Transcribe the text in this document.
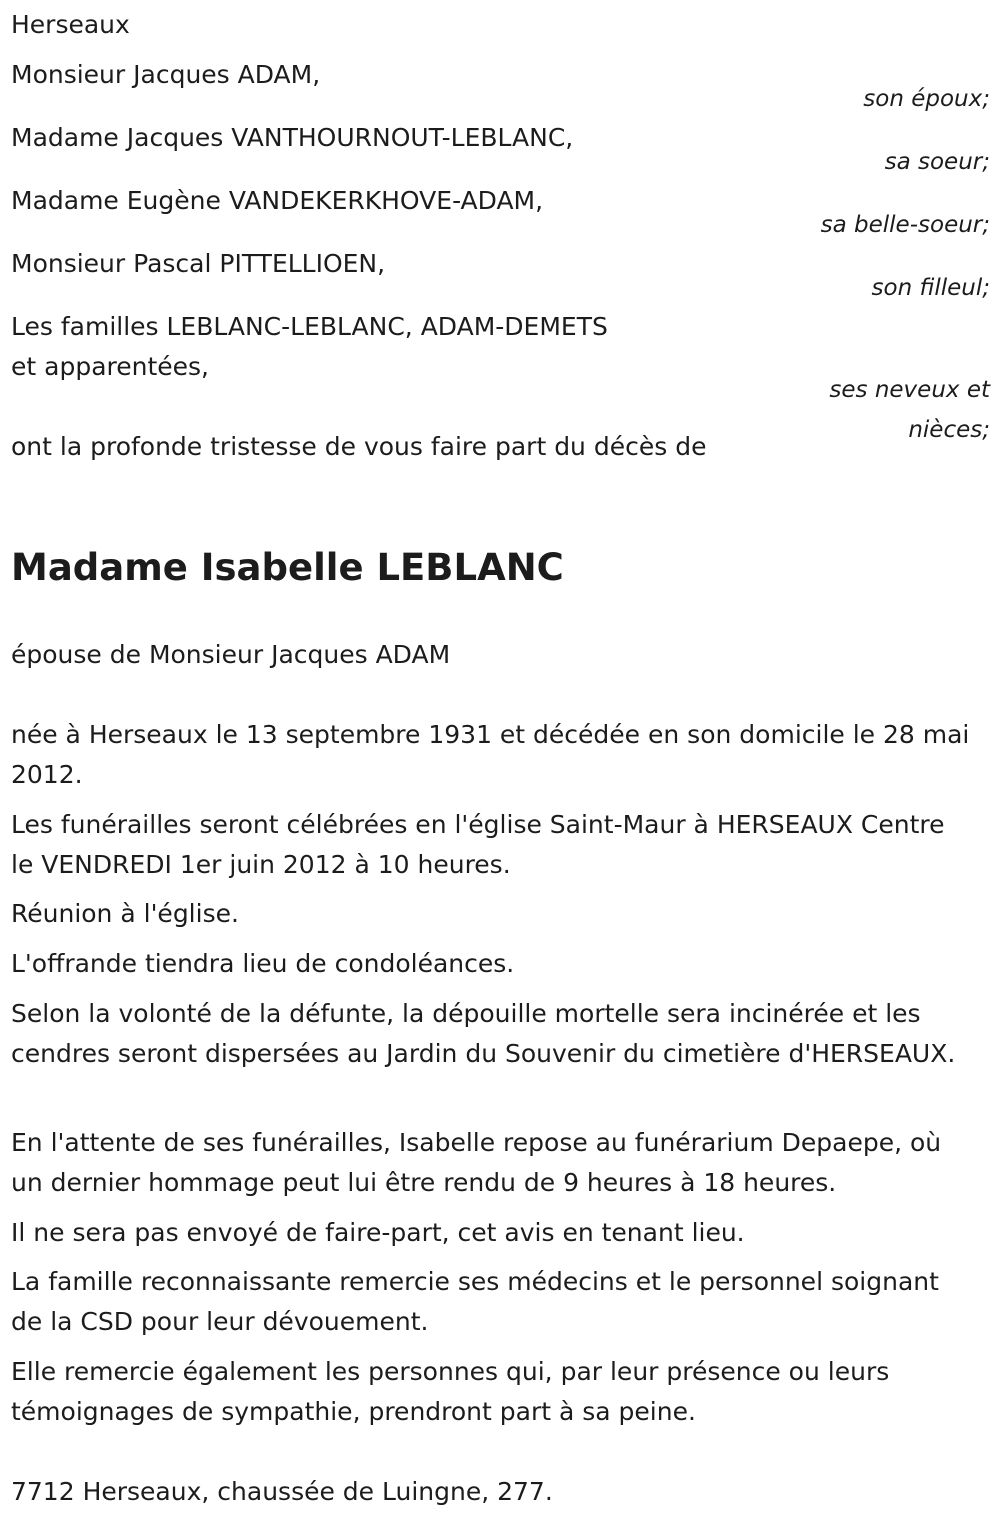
Herseaux

Monsieur Jacques ADAM,

son époux;

Madame Jacques VANTHOURNOUT-LEBLANC,

sa soeur;

Madame Eugène VANDEKERKHOVE-ADAM,

sa belle-soeur;

Monsieur Pascal PITTELLIOEN,

son filleul;

Les familles LEBLANC-LEBLANC, ADAM-DEMETS

et apparentées,

ses neveux et nièces;

ont la profonde tristesse de vous faire part du décès de

Madame Isabelle LEBLANC

épouse de Monsieur Jacques ADAM

née à Herseaux le 13 septembre 1931 et décédée en son domicile le 28 mai 2012.

Les funérailles seront célébrées en l'église Saint-Maur à HERSEAUX Centre le VENDREDI 1er juin 2012 à 10 heures.

Réunion à l'église.

L'offrande tiendra lieu de condoléances.

Selon la volonté de la défunte, la dépouille mortelle sera incinérée et les cendres seront dispersées au Jardin du Souvenir du cimetière d'HERSEAUX.

En l'attente de ses funérailles, Isabelle repose au funérarium Depaepe, où un dernier hommage peut lui être rendu de 9 heures à 18 heures.

Il ne sera pas envoyé de faire-part, cet avis en tenant lieu.

La famille reconnaissante remercie ses médecins et le personnel soignant de la CSD pour leur dévouement.

Elle remercie également les personnes qui, par leur présence ou leurs témoignages de sympathie, prendront part à sa peine.

7712 Herseaux, chaussée de Luingne, 277.
